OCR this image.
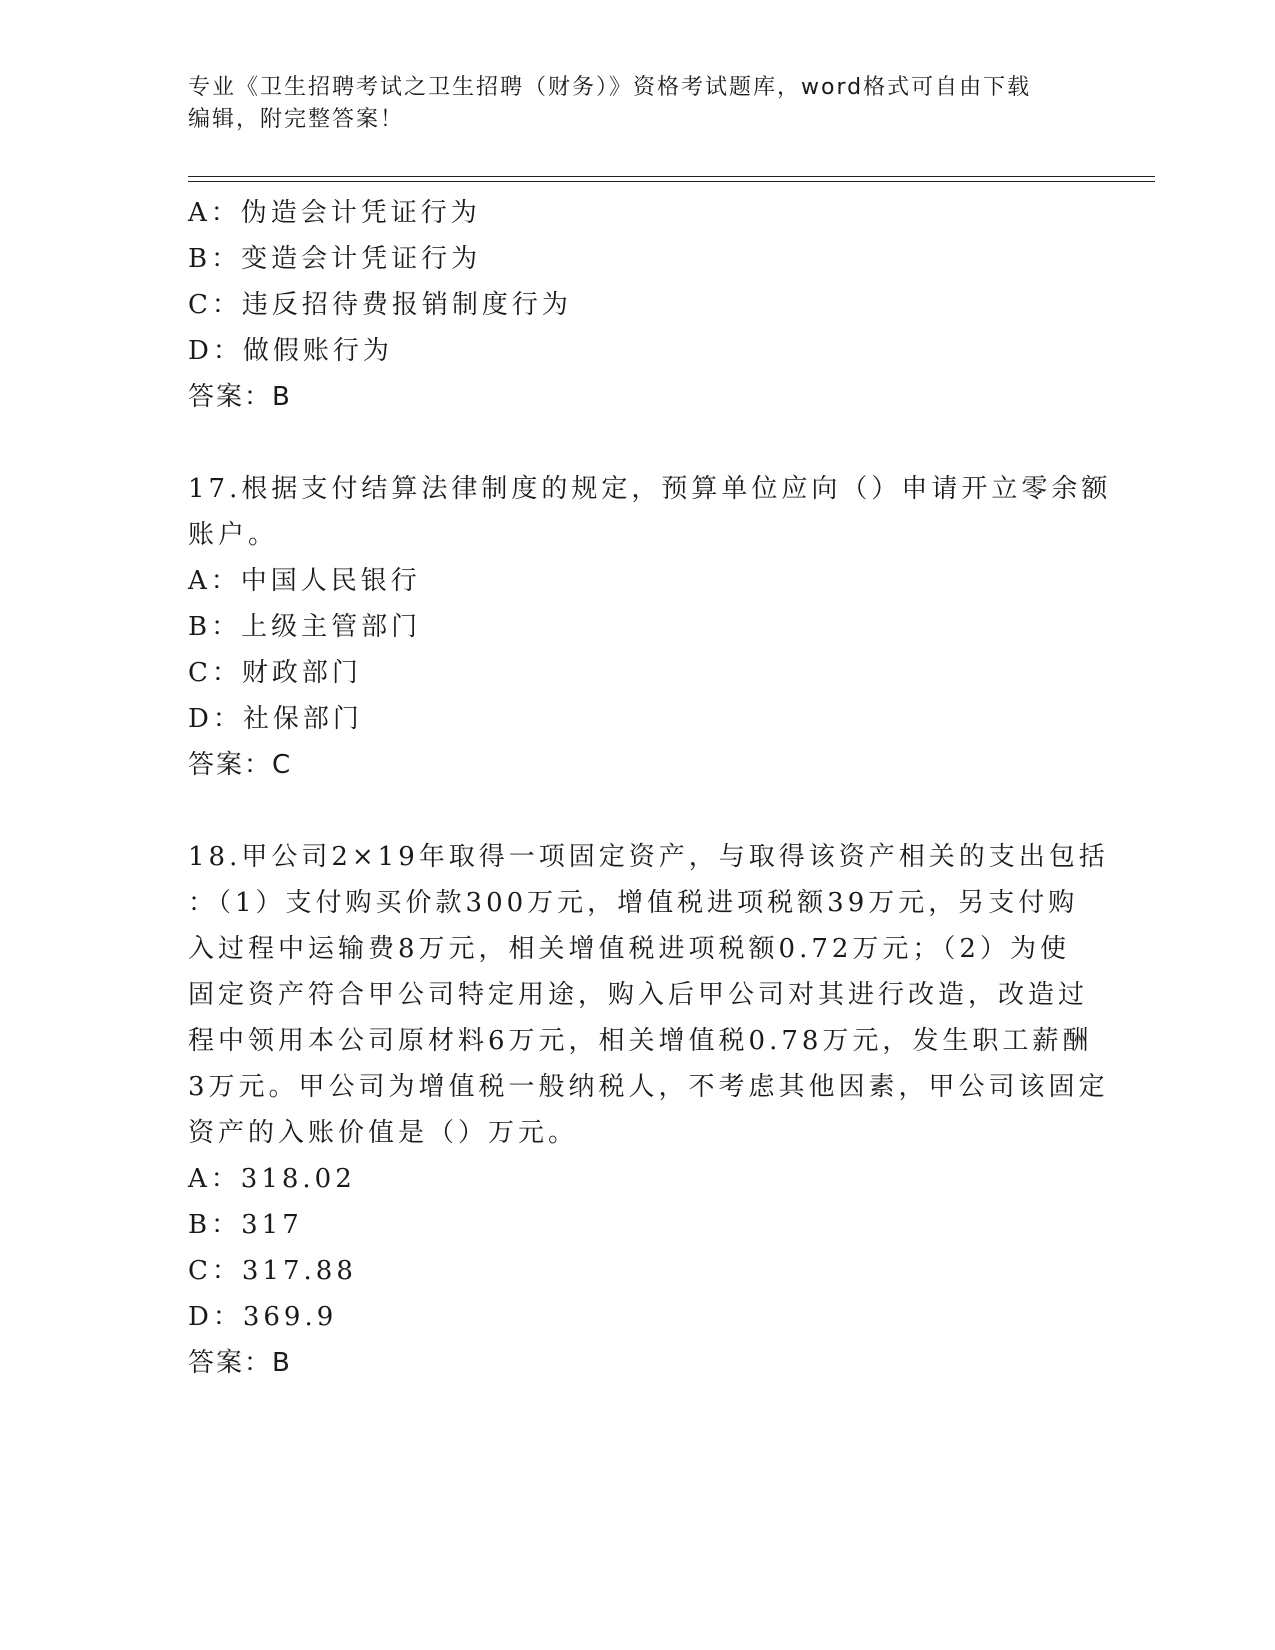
专业《卫生招聘考试之卫生招聘（财务）》资格考试题库，word格式可自由下载
编辑，附完整答案！
A：伪造会计凭证行为
B：变造会计凭证行为
C：违反招待费报销制度行为
D：做假账行为
答案：B
17.根据支付结算法律制度的规定，预算单位应向（）申请开立零余额
账户。
A：中国人民银行
B：上级主管部门
C：财政部门
D：社保部门
答案：C
18.甲公司2×19年取得一项固定资产，与取得该资产相关的支出包括
：（1）支付购买价款300万元，增值税进项税额39万元，另支付购
入过程中运输费8万元，相关增值税进项税额0.72万元；（2）为使
固定资产符合甲公司特定用途，购入后甲公司对其进行改造，改造过
程中领用本公司原材料6万元，相关增值税0.78万元，发生职工薪酬
3万元。甲公司为增值税一般纳税人，不考虑其他因素，甲公司该固定
资产的入账价值是（）万元。
A：318.02
B：317
C：317.88
D：369.9
答案：B
